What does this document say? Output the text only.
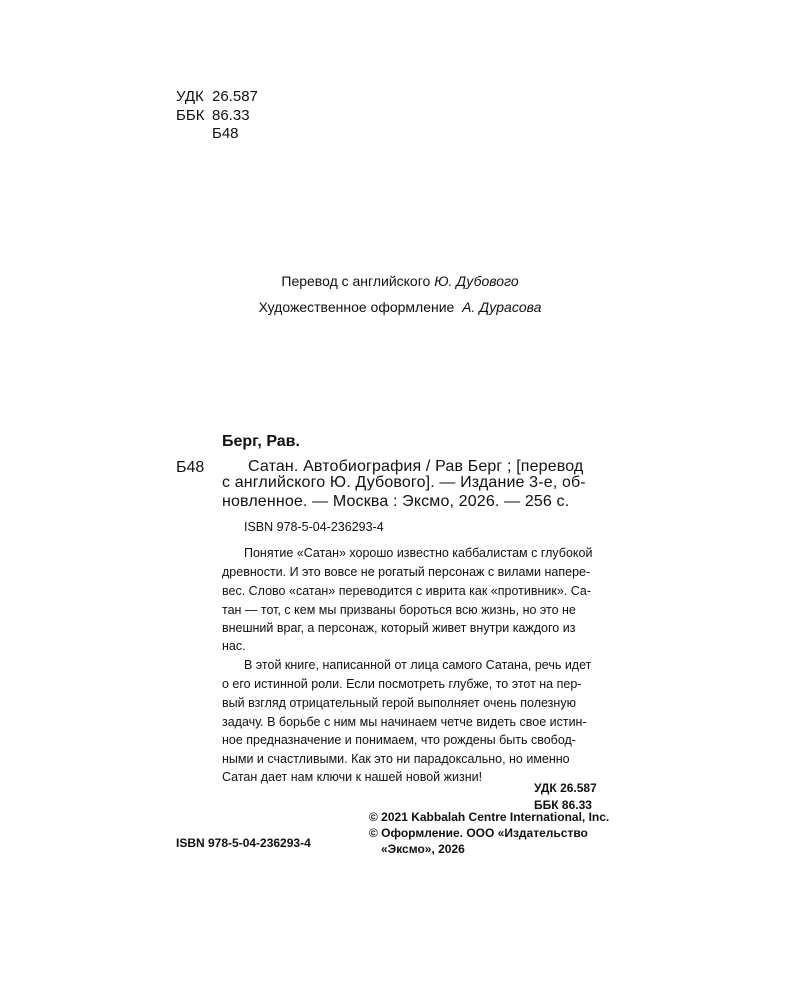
УДК 26.587
ББК 86.33
Б48
Перевод с английского Ю. Дубового
Художественное оформление А. Дурасова
Берг, Рав.
Б48	Сатан. Автобиография / Рав Берг ; [перевод
с английского Ю. Дубового]. — Издание 3-е, об-
новленное. — Москва : Эксмо, 2026. — 256 с.
ISBN 978-5-04-236293-4
Понятие «Сатан» хорошо известно каббалистам с глубокой
древности. И это вовсе не рогатый персонаж с вилами напере-
вес. Слово «сатан» переводится с иврита как «противник». Са-
тан — тот, с кем мы призваны бороться всю жизнь, но это не
внешний враг, а персонаж, который живет внутри каждого из
нас.
В этой книге, написанной от лица самого Сатана, речь идет
о его истинной роли. Если посмотреть глубже, то этот на пер-
вый взгляд отрицательный герой выполняет очень полезную
задачу. В борьбе с ним мы начинаем четче видеть свое истин-
ное предназначение и понимаем, что рождены быть свобод-
ными и счастливыми. Как это ни парадоксально, но именно
Сатан дает нам ключи к нашей новой жизни!
УДК 26.587
ББК 86.33
ISBN 978-5-04-236293-4
© 2021 Kabbalah Centre International, Inc.
© Оформление. ООО «Издательство
«Эксмо», 2026
